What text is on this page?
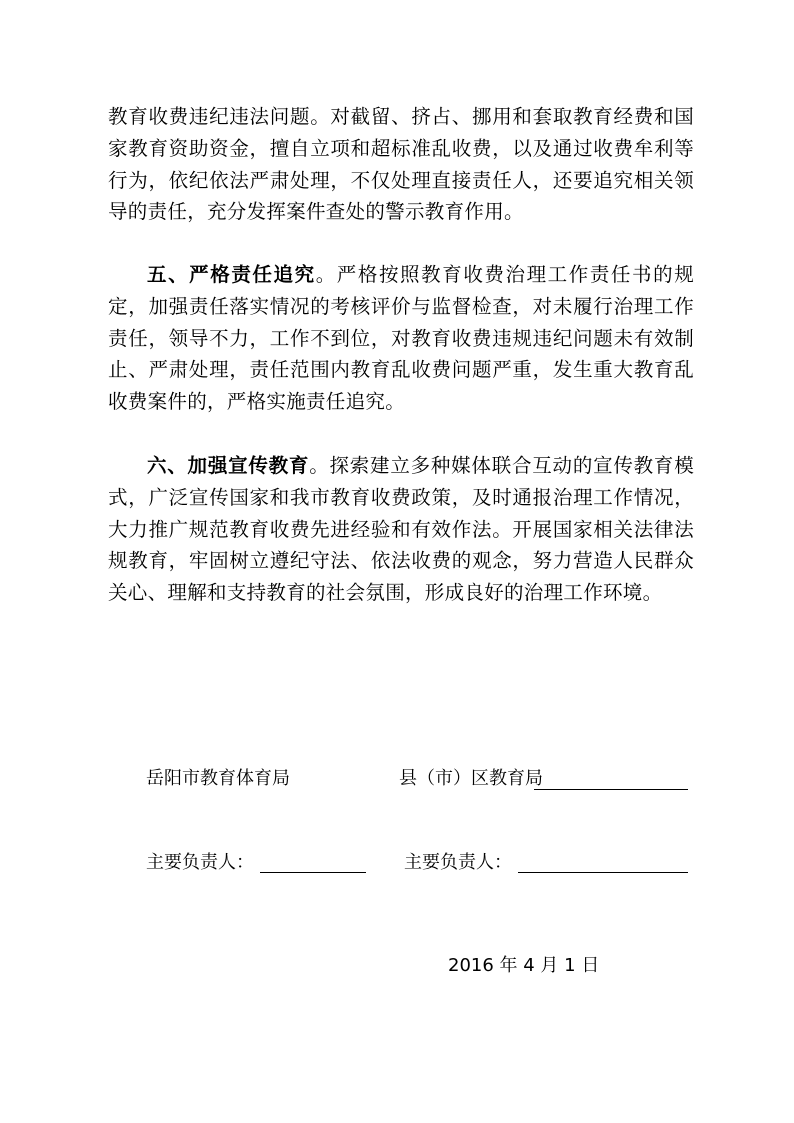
教育收费违纪违法问题。对截留、挤占、挪用和套取教育经费和国家教育资助资金，擅自立项和超标准乱收费，以及通过收费牟利等行为，依纪依法严肃处理，不仅处理直接责任人，还要追究相关领导的责任，充分发挥案件查处的警示教育作用。

五、严格责任追究。严格按照教育收费治理工作责任书的规定，加强责任落实情况的考核评价与监督检查，对未履行治理工作责任，领导不力，工作不到位，对教育收费违规违纪问题未有效制止、严肃处理，责任范围内教育乱收费问题严重，发生重大教育乱收费案件的，严格实施责任追究。

六、加强宣传教育。探索建立多种媒体联合互动的宣传教育模式，广泛宣传国家和我市教育收费政策，及时通报治理工作情况，大力推广规范教育收费先进经验和有效作法。开展国家相关法律法规教育，牢固树立遵纪守法、依法收费的观念，努力营造人民群众关心、理解和支持教育的社会氛围，形成良好的治理工作环境。

岳阳市教育体育局	县（市）区教育局
主要负责人：	主要负责人：
2016 年 4 月 1 日
